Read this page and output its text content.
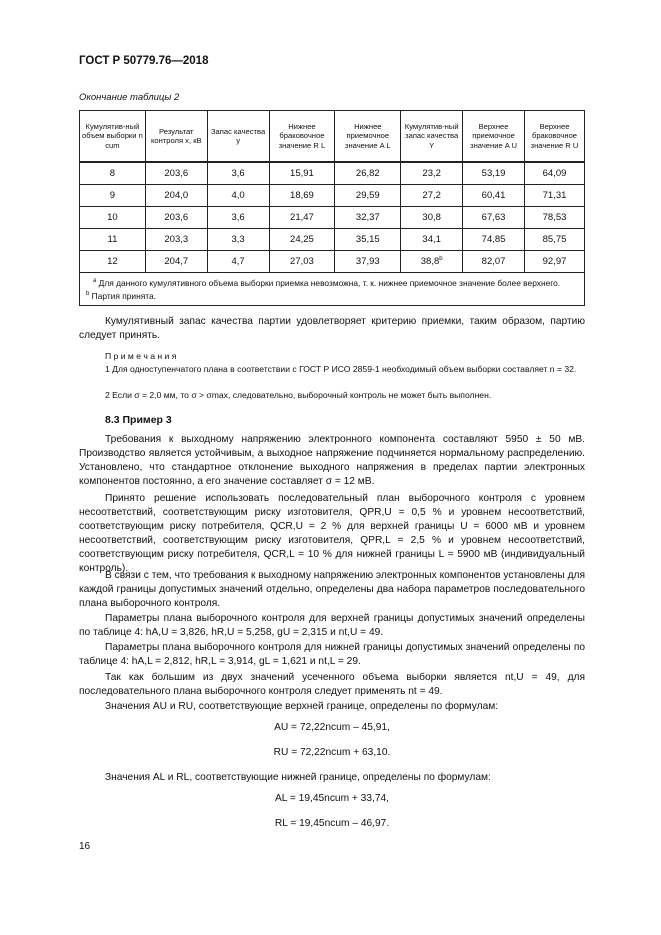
ГОСТ Р 50779.76—2018
Окончание таблицы 2
Кумулятив-ный объем выборки n cum	Результат контроля x, кВ	Запас качества y	Нижнее браковочное значение R L	Нижнее приемочное значение A L	Кумулятив-ный запас качества Y	Верхнее приемочное значение A U	Верхнее браковочное значение R U
8	203,6	3,6	15,91	26,82	23,2	53,19	64,09
9	204,0	4,0	18,69	29,59	27,2	60,41	71,31
10	203,6	3,6	21,47	32,37	30,8	67,63	78,53
11	203,3	3,3	24,25	35,15	34,1	74,85	85,75
12	204,7	4,7	27,03	37,93	38,8$^b$	82,07	92,97

$^a$ Для данного кумулятивного объема выборки приемка невозможна, т. к. нижнее приемочное значение более верхнего.
$^b$ Партия принята.							
Кумулятивный запас качества партии удовлетворяет критерию приемки, таким образом, партию следует принять.
П р и м е ч а н и я
1 Для одноступенчатого плана в соответствии с ГОСТ Р ИСО 2859-1 необходимый объем выборки составляет n = 32.
2 Если σ = 2,0 мм, то σ > σmax, следовательно, выборочный контроль не может быть выполнен.
8.3 Пример 3
Требования к выходному напряжению электронного компонента составляют 5950 ± 50 мВ. Производство является устойчивым, а выходное напряжение подчиняется нормальному распределению. Установлено, что стандартное отклонение выходного напряжения в пределах партии электронных компонентов постоянно, а его значение составляет σ = 12 мВ.
Принято решение использовать последовательный план выборочного контроля с уровнем несоответствий, соответствующим риску изготовителя, QPR,U = 0,5 % и уровнем несоответствий, соответствующим риску потребителя, QCR,U = 2 % для верхней границы U = 6000 мВ и уровнем несоответствий, соответствующим риску изготовителя, QPR,L = 2,5 % и уровнем несоответствий, соответствующим риску потребителя, QCR,L = 10 % для нижней границы L = 5900 мВ (индивидуальный контроль).
В связи с тем, что требования к выходному напряжению электронных компонентов установлены для каждой границы допустимых значений отдельно, определены два набора параметров последовательного плана выборочного контроля.
Параметры плана выборочного контроля для верхней границы допустимых значений определены по таблице 4: hA,U = 3,826, hR,U = 5,258, gU = 2,315 и nt,U = 49.
Параметры плана выборочного контроля для нижней границы допустимых значений определены по таблице 4: hA,L = 2,812, hR,L = 3,914, gL = 1,621 и nt,L = 29.
Так как большим из двух значений усеченного объема выборки является nt,U = 49, для последовательного плана выборочного контроля следует применять nt = 49.
Значения AU и RU, соответствующие верхней границе, определены по формулам:
AU = 72,22ncum – 45,91,
RU = 72,22ncum + 63,10.
Значения AL и RL, соответствующие нижней границе, определены по формулам:
AL = 19,45ncum + 33,74,
RL = 19,45ncum – 46,97.
16
